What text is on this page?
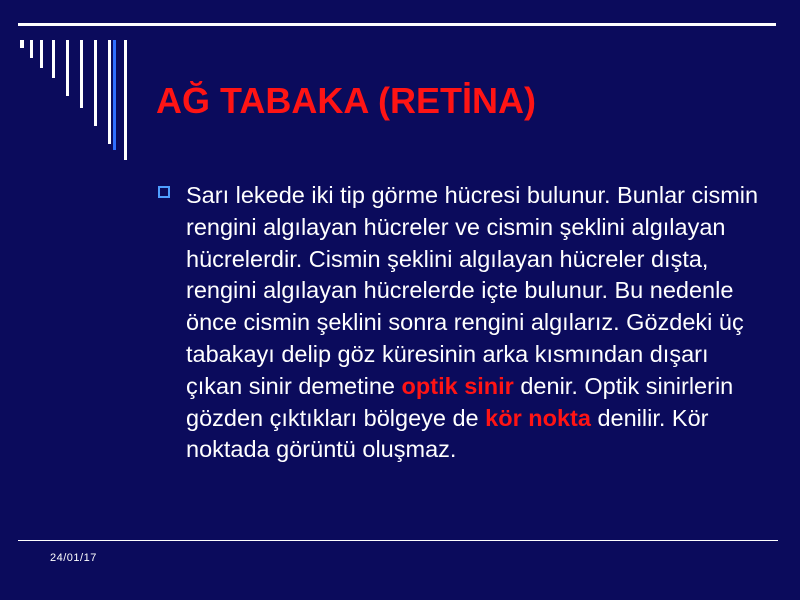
AĞ TABAKA (RETİNA)

Sarı lekede iki tip görme hücresi bulunur. Bunlar cismin rengini algılayan hücreler ve cismin şeklini algılayan hücrelerdir. Cismin şeklini algılayan hücreler dışta, rengini algılayan hücrelerde içte bulunur. Bu nedenle önce cismin şeklini sonra rengini algılarız. Gözdeki üç tabakayı delip göz küresinin arka kısmından dışarı çıkan sinir demetine optik sinir denir. Optik sinirlerin gözden çıktıkları bölgeye de kör nokta denilir. Kör noktada görüntü oluşmaz.

24/01/17
